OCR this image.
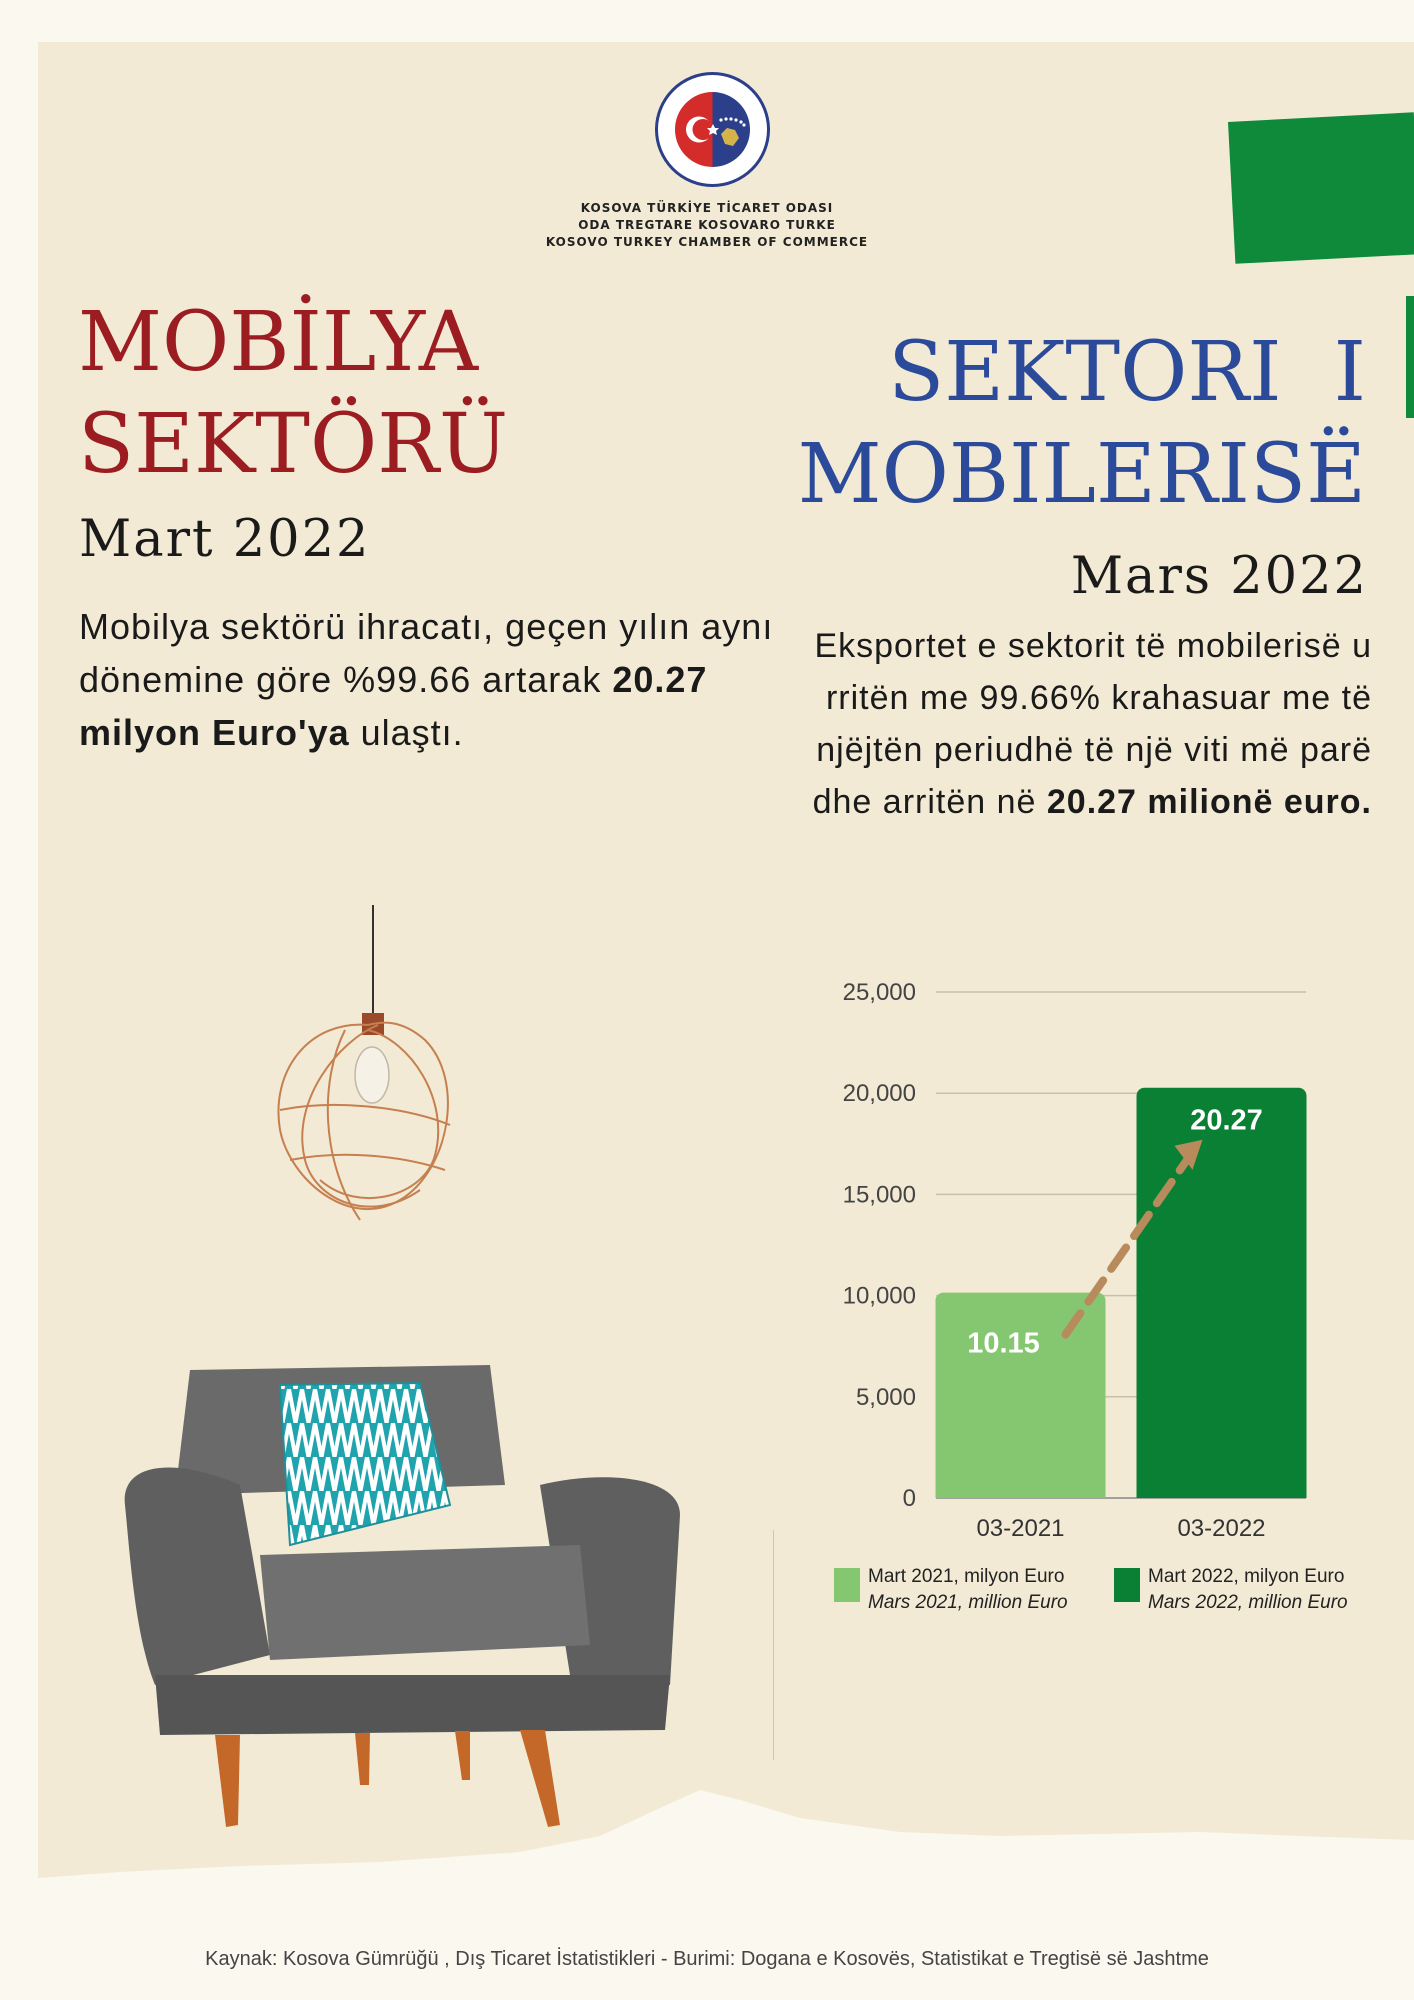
KOSOVA TÜRKİYE TİCARET ODASI
ODA TREGTARE KOSOVARO TURKE
KOSOVO TURKEY CHAMBER OF COMMERCE
MOBİLYA
SEKTÖRÜ
Mart 2022
Mobilya sektörü ihracatı, geçen yılın aynı dönemine göre %99.66 artarak 20.27 milyon Euro'ya ulaştı.
SEKTORI  I
MOBILERISË
Mars 2022
Eksportet e sektorit të mobilerisë u rritën me 99.66% krahasuar me të njëjtën periudhë të një viti më parë dhe arritën në 20.27 milionë euro.
0
5,000
10,000
15,000
20,000
25,000
03-2021	03-2022
10.15
20.27
Mart 2021, milyon Euro
Mars 2021, million Euro
Mart 2022, milyon Euro
Mars 2022, million Euro
Kaynak: Kosova Gümrüğü , Dış Ticaret İstatistikleri - Burimi: Dogana e Kosovës, Statistikat e Tregtisë së Jashtme
